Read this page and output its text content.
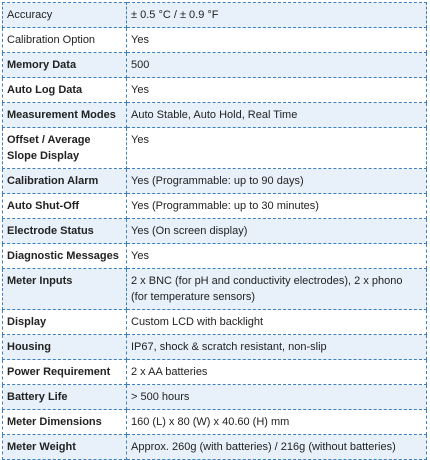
Accuracy	± 0.5 °C / ± 0.9 °F
Calibration Option	Yes
Memory Data	500
Auto Log Data	Yes
Measurement Modes	Auto Stable, Auto Hold, Real Time
Offset / Average Slope Display	Yes
Calibration Alarm	Yes (Programmable: up to 90 days)
Auto Shut-Off	Yes (Programmable: up to 30 minutes)
Electrode Status	Yes (On screen display)
Diagnostic Messages	Yes
Meter Inputs	2 x BNC (for pH and conductivity electrodes), 2 x phono (for temperature sensors)
Display	Custom LCD with backlight
Housing	IP67, shock & scratch resistant, non-slip
Power Requirement	2 x AA batteries
Battery Life	> 500 hours
Meter Dimensions	160 (L) x 80 (W) x 40.60 (H) mm
Meter Weight	Approx. 260g (with batteries) / 216g (without batteries)
